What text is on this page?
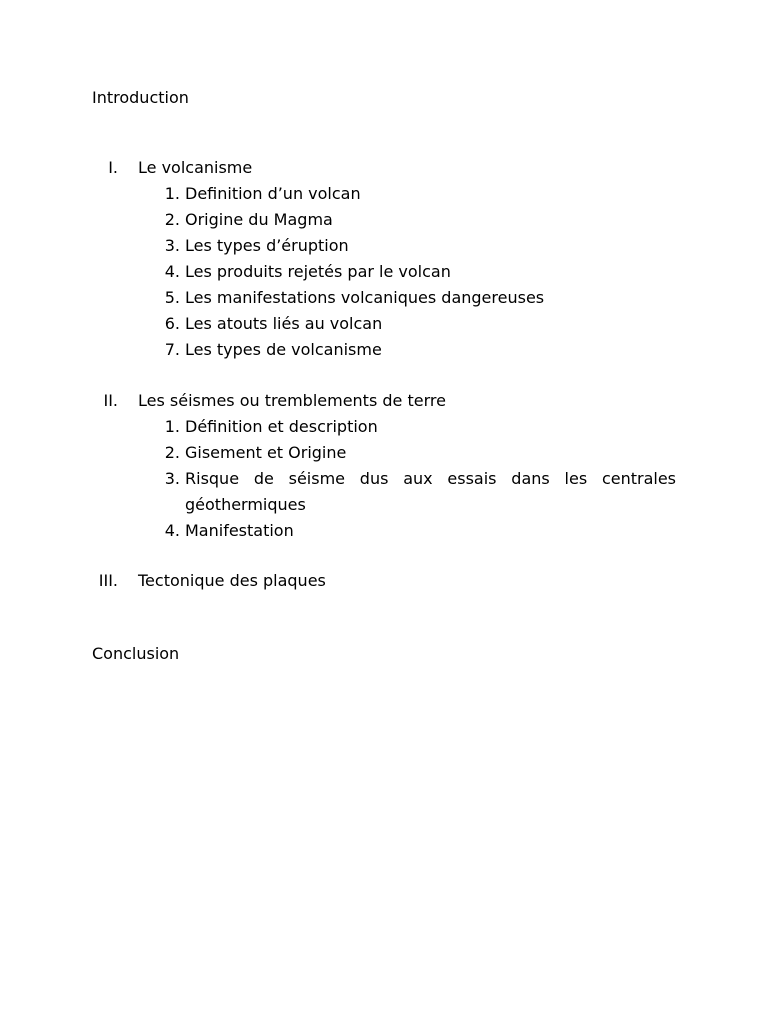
Introduction

I. Le volcanisme
1. Definition d’un volcan
2. Origine du Magma
3. Les types d’éruption
4. Les produits rejetés par le volcan
5. Les manifestations volcaniques dangereuses
6. Les atouts liés au volcan
7. Les types de volcanisme
II. Les séismes ou tremblements de terre
1. Définition et description
2. Gisement et Origine
3. Risque de séisme dus aux essais dans les centrales géothermiques
4. Manifestation
III. Tectonique des plaques

Conclusion
